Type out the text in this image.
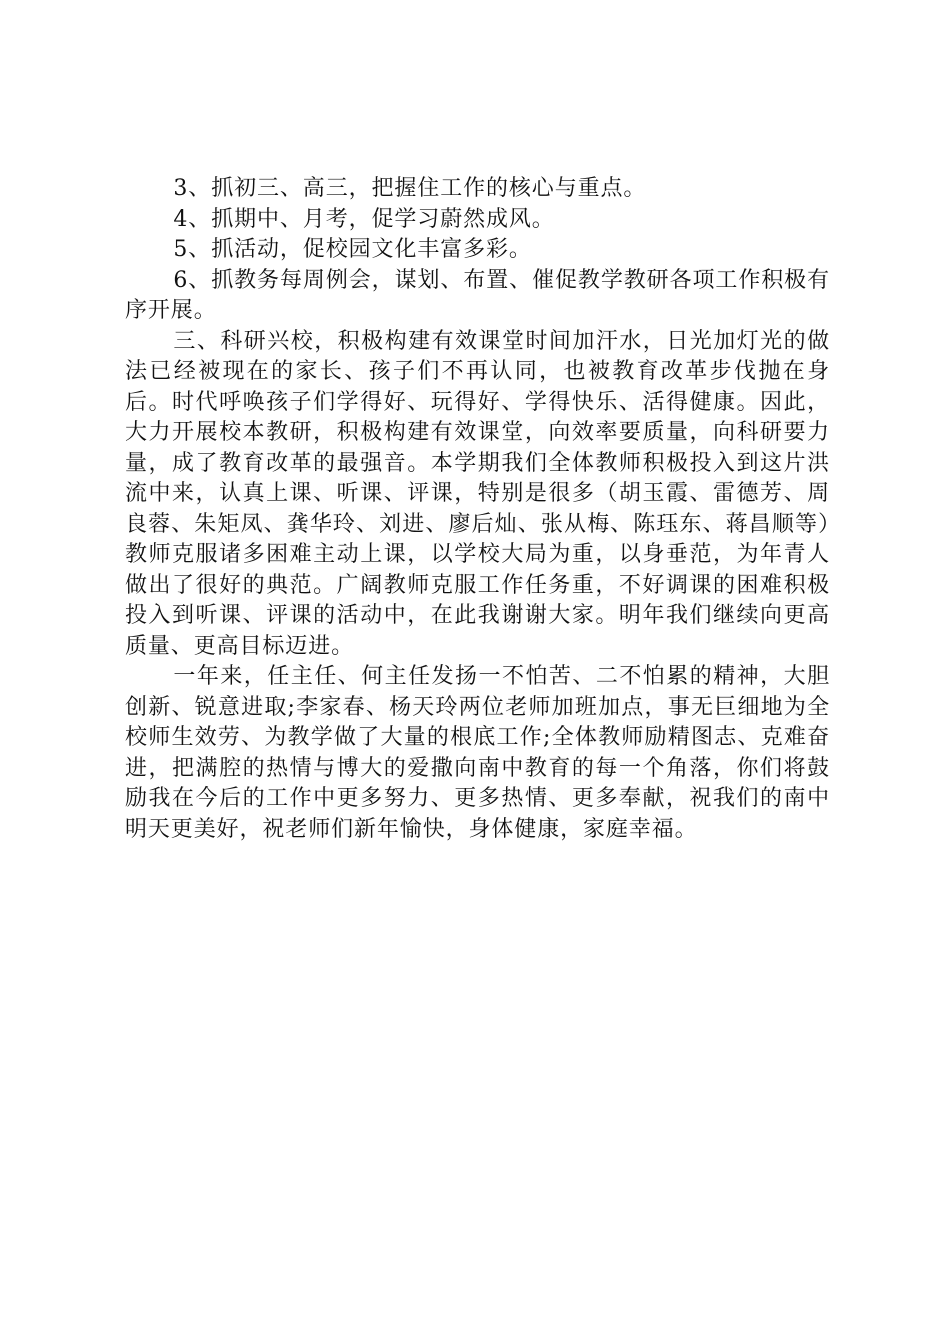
3、抓初三、高三，把握住工作的核心与重点。

4、抓期中、月考，促学习蔚然成风。

5、抓活动，促校园文化丰富多彩。

6、抓教务每周例会，谋划、布置、催促教学教研各项工作积极有序开展。

三、科研兴校，积极构建有效课堂时间加汗水，日光加灯光的做法已经被现在的家长、孩子们不再认同，也被教育改革步伐抛在身后。时代呼唤孩子们学得好、玩得好、学得快乐、活得健康。因此，大力开展校本教研，积极构建有效课堂，向效率要质量，向科研要力量，成了教育改革的最强音。本学期我们全体教师积极投入到这片洪流中来，认真上课、听课、评课，特别是很多（胡玉霞、雷德芳、周良蓉、朱矩凤、龚华玲、刘进、廖后灿、张从梅、陈珏东、蒋昌顺等）教师克服诸多困难主动上课，以学校大局为重，以身垂范，为年青人做出了很好的典范。广阔教师克服工作任务重，不好调课的困难积极投入到听课、评课的活动中，在此我谢谢大家。明年我们继续向更高质量、更高目标迈进。

一年来，任主任、何主任发扬一不怕苦、二不怕累的精神，大胆创新、锐意进取;李家春、杨天玲两位老师加班加点，事无巨细地为全校师生效劳、为教学做了大量的根底工作;全体教师励精图志、克难奋进，把满腔的热情与博大的爱撒向南中教育的每一个角落，你们将鼓励我在今后的工作中更多努力、更多热情、更多奉献，祝我们的南中明天更美好，祝老师们新年愉快，身体健康，家庭幸福。
